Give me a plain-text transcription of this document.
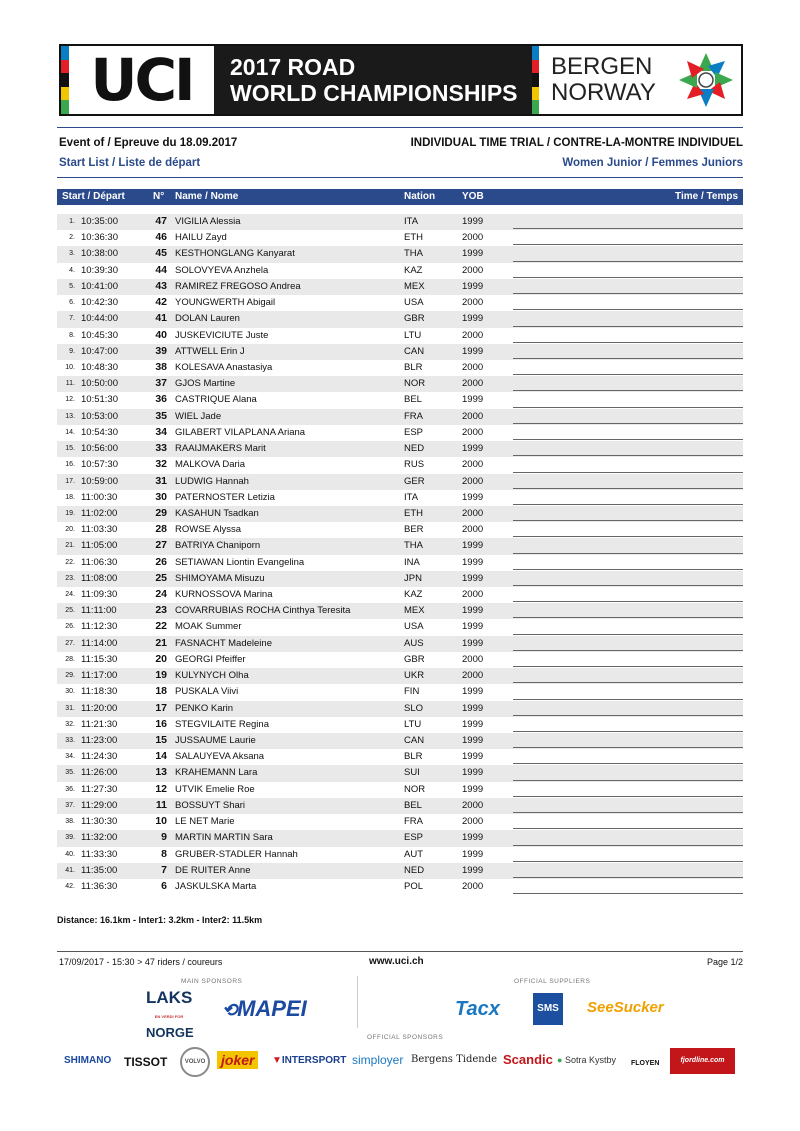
UCI 2017 ROAD
WORLD CHAMPIONSHIPS
BERGEN
NORWAY
Event of / Epreuve du 18.09.2017	INDIVIDUAL TIME TRIAL / CONTRE-LA-MONTRE INDIVIDUEL
Start List / Liste de départ	Women Junior / Femmes Juniors
Start / Départ	N° Name / Nome	Nation	YOB	Time / Temps
1. 10:35:00	47 VIGILIA Alessia	ITA	1999
2. 10:36:30	46 HAILU Zayd	ETH	2000
3. 10:38:00	45 KESTHONGLANG Kanyarat	THA	1999
4. 10:39:30	44 SOLOVYEVA Anzhela	KAZ	2000
5. 10:41:00	43 RAMIREZ FREGOSO Andrea	MEX	1999
6. 10:42:30	42 YOUNGWERTH Abigail	USA	2000
7. 10:44:00	41 DOLAN Lauren	GBR	1999
8. 10:45:30	40 JUSKEVICIUTE Juste	LTU	2000
9. 10:47:00	39 ATTWELL Erin J	CAN	1999
10. 10:48:30	38 KOLESAVA Anastasiya	BLR	2000
11. 10:50:00	37 GJOS Martine	NOR	2000
12. 10:51:30	36 CASTRIQUE Alana	BEL	1999
13. 10:53:00	35 WIEL Jade	FRA	2000
14. 10:54:30	34 GILABERT VILAPLANA Ariana	ESP	2000
15. 10:56:00	33 RAAIJMAKERS Marit	NED	1999
16. 10:57:30	32 MALKOVA Daria	RUS	2000
17. 10:59:00	31 LUDWIG Hannah	GER	2000
18. 11:00:30	30 PATERNOSTER Letizia	ITA	1999
19. 11:02:00	29 KASAHUN Tsadkan	ETH	2000
20. 11:03:30	28 ROWSE Alyssa	BER	2000
21. 11:05:00	27 BATRIYA Chaniporn	THA	1999
22. 11:06:30	26 SETIAWAN Liontin Evangelina	INA	1999
23. 11:08:00	25 SHIMOYAMA Misuzu	JPN	1999
24. 11:09:30	24 KURNOSSOVA Marina	KAZ	2000
25. 11:11:00	23 COVARRUBIAS ROCHA Cinthya Teresita	MEX	1999
26. 11:12:30	22 MOAK Summer	USA	1999
27. 11:14:00	21 FASNACHT Madeleine	AUS	1999
28. 11:15:30	20 GEORGI Pfeiffer	GBR	2000
29. 11:17:00	19 KULYNYCH Olha	UKR	2000
30. 11:18:30	18 PUSKALA Viivi	FIN	1999
31. 11:20:00	17 PENKO Karin	SLO	1999
32. 11:21:30	16 STEGVILAITE Regina	LTU	1999
33. 11:23:00	15 JUSSAUME Laurie	CAN	1999
34. 11:24:30	14 SALAUYEVA Aksana	BLR	1999
35. 11:26:00	13 KRAHEMANN Lara	SUI	1999
36. 11:27:30	12 UTVIK Emelie Roe	NOR	1999
37. 11:29:00	11 BOSSUYT Shari	BEL	2000
38. 11:30:30	10 LE NET Marie	FRA	2000
39. 11:32:00	9 MARTIN MARTIN Sara	ESP	1999
40. 11:33:30	8 GRUBER-STADLER Hannah	AUT	1999
41. 11:35:00	7 DE RUITER Anne	NED	1999
42. 11:36:30	6 JASKULSKA Marta	POL	2000
Distance: 16.1km - Inter1: 3.2km - Inter2: 11.5km
17/09/2017 - 15:30 > 47 riders / coureurs	www.uci.ch	Page 1/2
MAIN SPONSORS	OFFICIAL SUPPLIERS
LAKS
EN VERDI FOR
NORGE
⟲MAPEI	Tacx	SMS SeeSucker
OFFICIAL SPONSORS
SHIMANO TISSOT	VOLVO	joker	▼INTERSPORT simployer Bergens Tidende Scandic ● Sotra Kystby FLOYEN	fjordline.com
